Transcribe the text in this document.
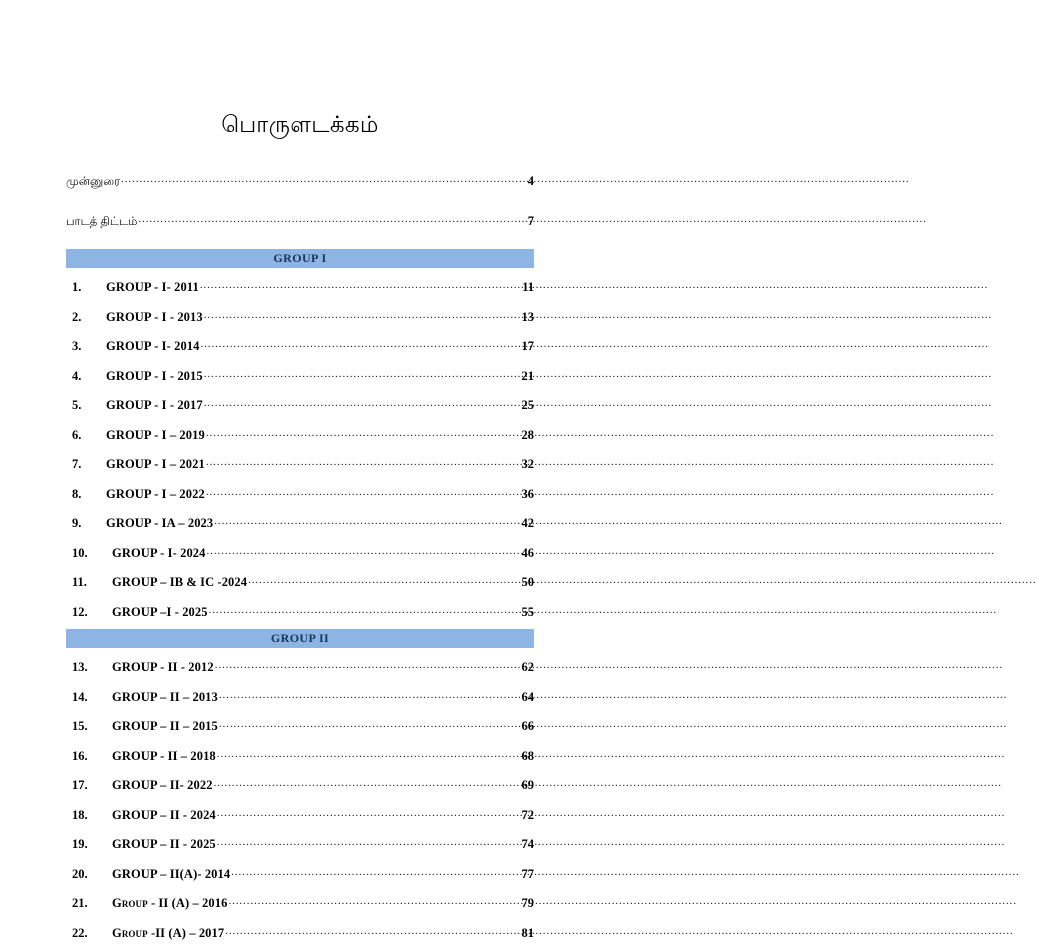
பொருளடக்கம்
முன்னுரை .....	4
பாடத் திட்டம் .....	7
GROUP I
1.	GROUP - I- 2011 .....	11
2.	GROUP - I - 2013 .....	13
3.	GROUP - I- 2014 .....	17
4.	GROUP - I - 2015 .....	21
5.	GROUP - I - 2017 .....	25
6.	GROUP - I – 2019 .....	28
7.	GROUP - I – 2021 .....	32
8.	GROUP - I – 2022 .....	36
9.	GROUP - IA – 2023 .....	42
10.	GROUP - I- 2024 .....	46
11.	GROUP – IB & IC -2024 .....	50
12.	GROUP –I - 2025 .....	55
GROUP II
13.	GROUP - II - 2012 .....	62
14.	GROUP – II – 2013 .....	64
15.	GROUP – II – 2015 .....	66
16.	GROUP - II – 2018 .....	68
17.	GROUP – II- 2022 .....	69
18.	GROUP – II - 2024 .....	72
19.	GROUP – II - 2025 .....	74
20.	GROUP – II(A)- 2014 .....	77
21.	Group - II (A) – 2016 .....	79
22.	Group -II (A) – 2017 .....	81
